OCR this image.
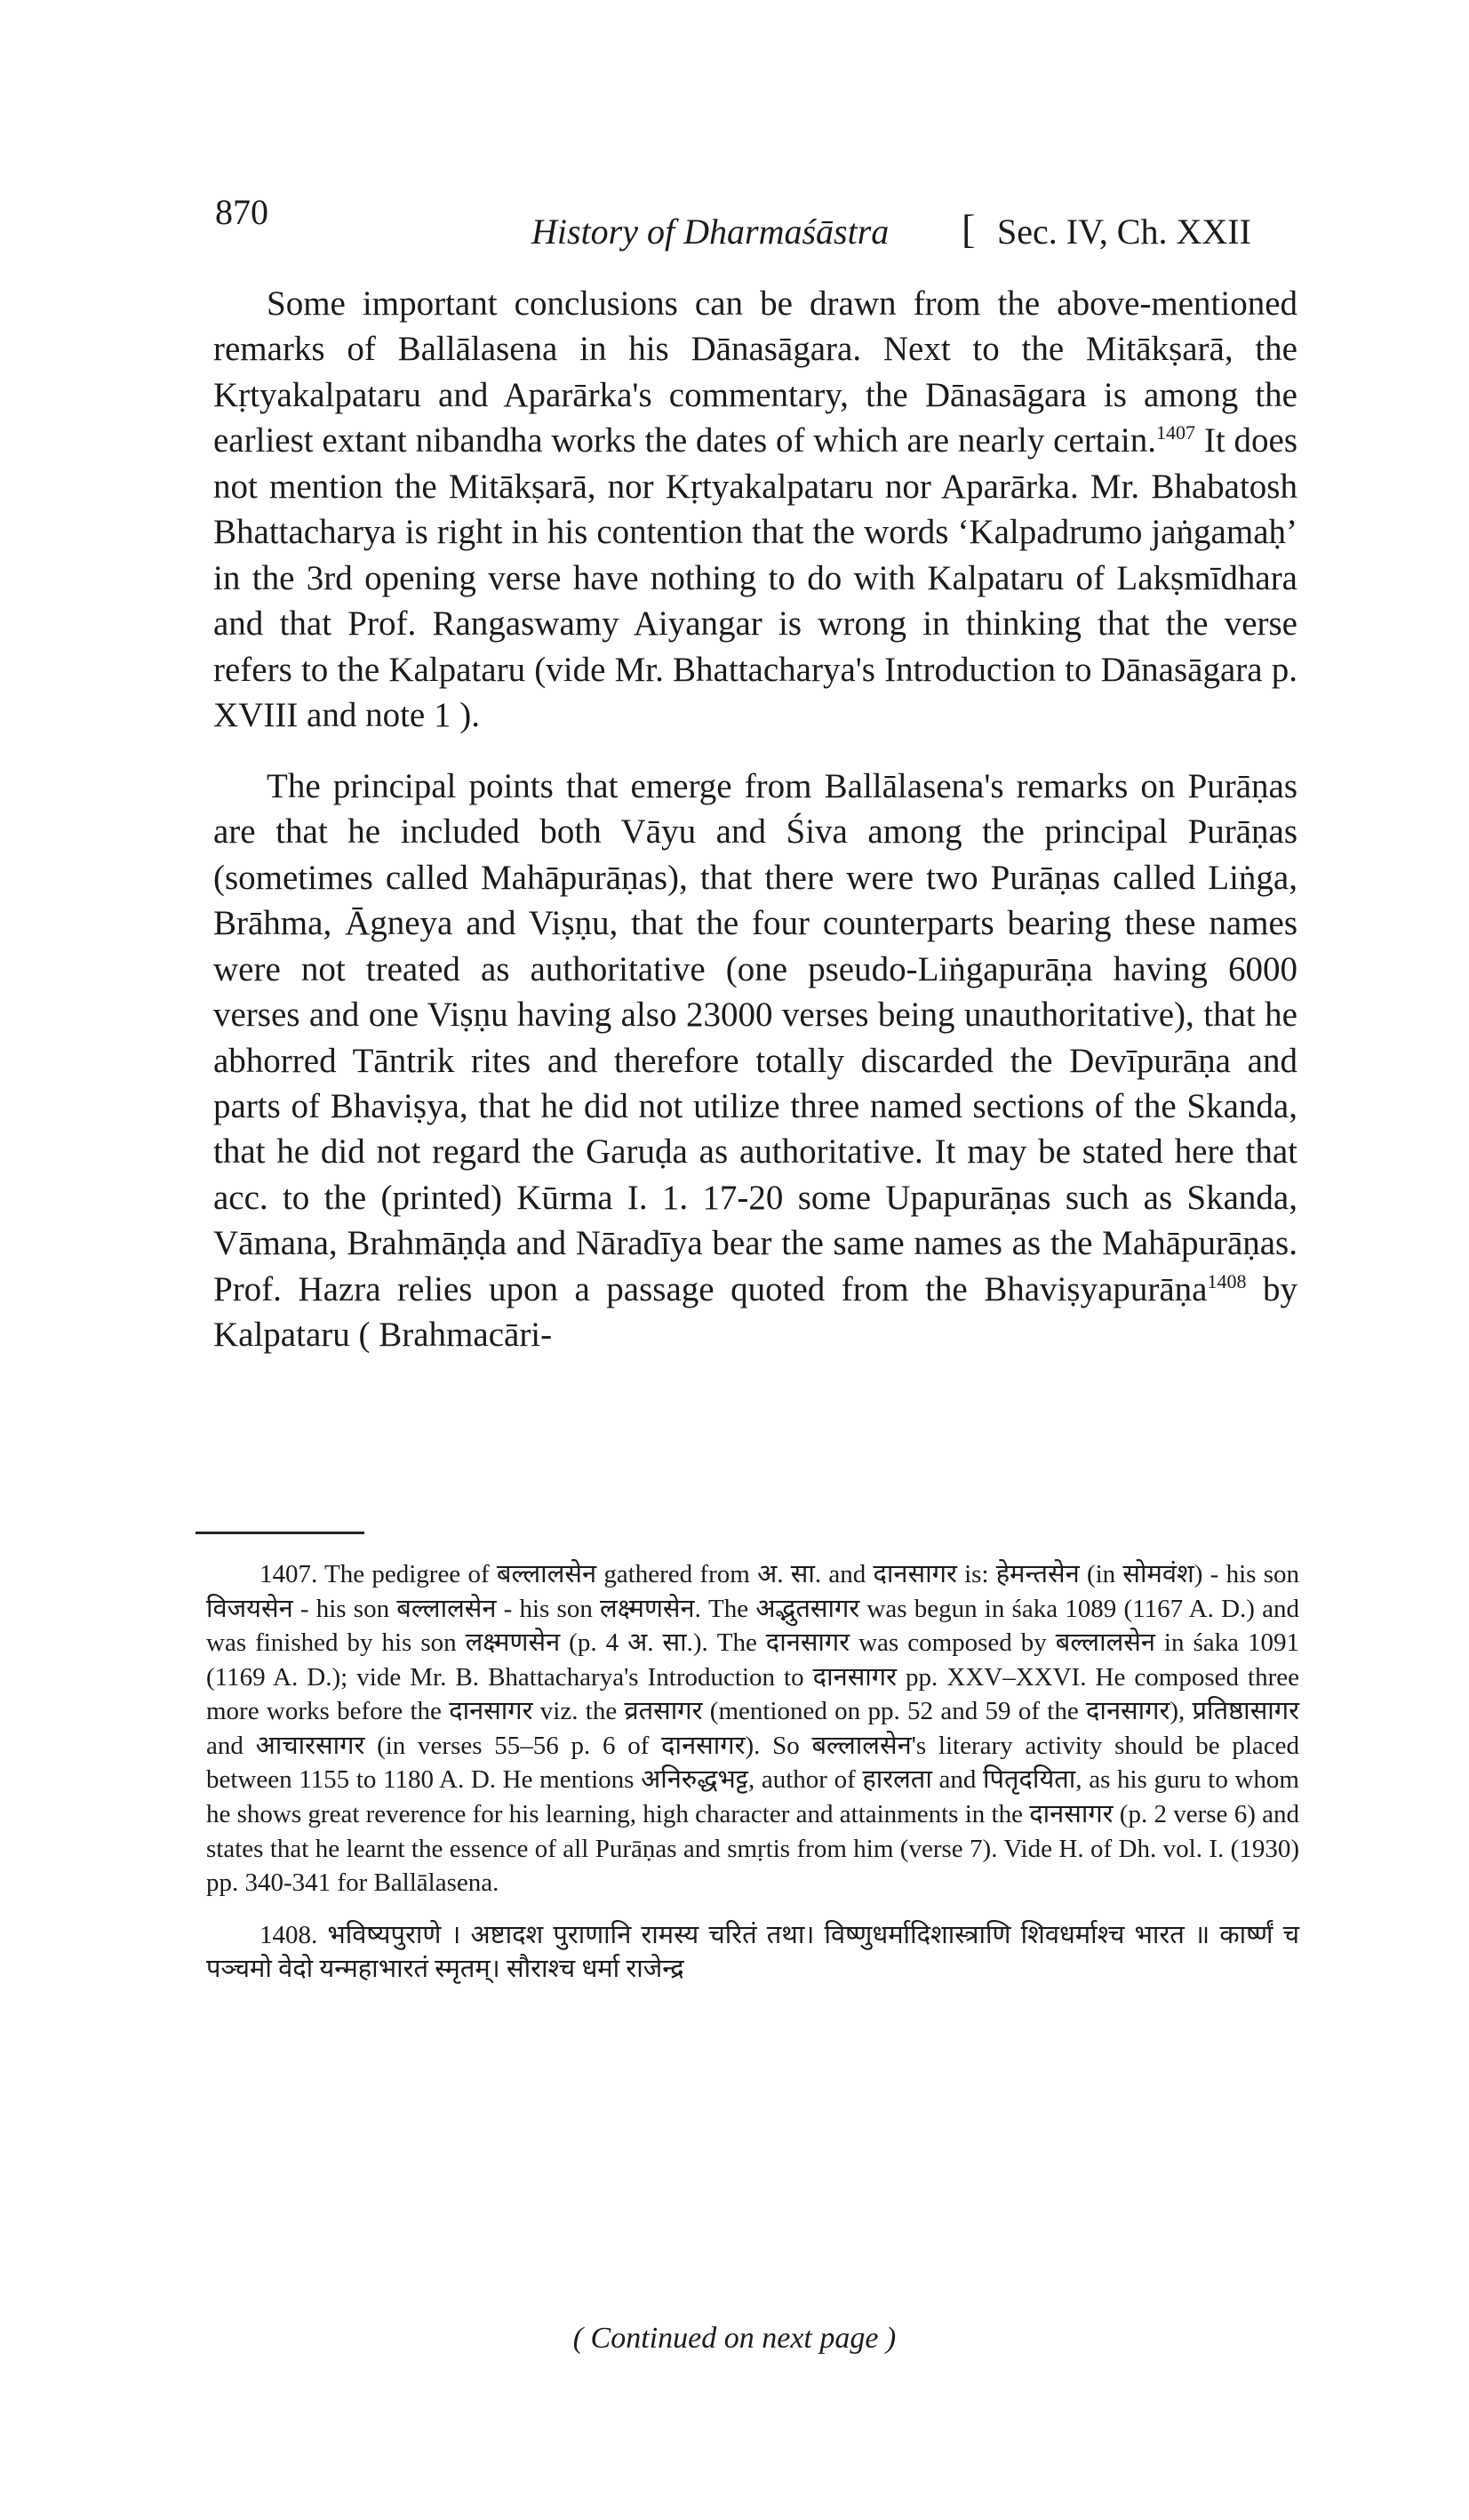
870	History of Dharmaśāstra [ Sec. IV, Ch. XXII

Some important conclusions can be drawn from the above-mentioned remarks of Ballālasena in his Dānasāgara. Next to the Mitākṣarā, the Kṛtyakalpataru and Aparārka's commentary, the Dānasāgara is among the earliest extant nibandha works the dates of which are nearly certain.$^{1407}$ It does not mention the Mitākṣarā, nor Kṛtyakalpataru nor Aparārka. Mr. Bhabatosh Bhattacharya is right in his contention that the words ‘Kalpadrumo jaṅgamaḥ’ in the 3rd opening verse have nothing to do with Kalpataru of Lakṣmīdhara and that Prof. Rangaswamy Aiyangar is wrong in thinking that the verse refers to the Kalpataru (vide Mr. Bhattacharya's Introduction to Dānasāgara p. XVIII and note 1 ).

The principal points that emerge from Ballālasena's remarks on Purāṇas are that he included both Vāyu and Śiva among the principal Purāṇas (sometimes called Mahāpurāṇas), that there were two Purāṇas called Liṅga, Brāhma, Āgneya and Viṣṇu, that the four counterparts bearing these names were not treated as authoritative (one pseudo-Liṅgapurāṇa having 6000 verses and one Viṣṇu having also 23000 verses being unauthoritative), that he abhorred Tāntrik rites and therefore totally discarded the Devīpurāṇa and parts of Bhaviṣya, that he did not utilize three named sections of the Skanda, that he did not regard the Garuḍa as authoritative. It may be stated here that acc. to the (printed) Kūrma I. 1. 17-20 some Upapurāṇas such as Skanda, Vāmana, Brahmāṇḍa and Nāradīya bear the same names as the Mahāpurāṇas. Prof. Hazra relies upon a passage quoted from the Bhaviṣyapurāṇa$^{1408}$ by Kalpataru ( Brahmacāri-

1407. The pedigree of बल्लालसेन gathered from अ. सा. and दानसागर is: हेमन्तसेन (in सोमवंश) - his son विजयसेन - his son बल्लालसेन - his son लक्ष्मणसेन. The अद्भुतसागर was begun in śaka 1089 (1167 A. D.) and was finished by his son लक्ष्मणसेन (p. 4 अ. सा.). The दानसागर was composed by बल्लालसेन in śaka 1091 (1169 A. D.); vide Mr. B. Bhattacharya's Introduction to दानसागर pp. XXV–XXVI. He composed three more works before the दानसागर viz. the व्रतसागर (mentioned on pp. 52 and 59 of the दानसागर), प्रतिष्ठासागर and आचारसागर (in verses 55–56 p. 6 of दानसागर). So बल्लालसेन's literary activity should be placed between 1155 to 1180 A. D. He mentions अनिरुद्धभट्ट, author of हारलता and पितृदयिता, as his guru to whom he shows great reverence for his learning, high character and attainments in the दानसागर (p. 2 verse 6) and states that he learnt the essence of all Purāṇas and smṛtis from him (verse 7). Vide H. of Dh. vol. I. (1930) pp. 340-341 for Ballālasena.

1408. भविष्यपुराणे । अष्टादश पुराणानि रामस्य चरितं तथा। विष्णुधर्मादिशास्त्राणि शिवधर्माश्च भारत ॥ कार्ष्णं च पञ्चमो वेदो यन्महाभारतं स्मृतम्। सौराश्च धर्मा राजेन्द्र

( Continued on next page )
